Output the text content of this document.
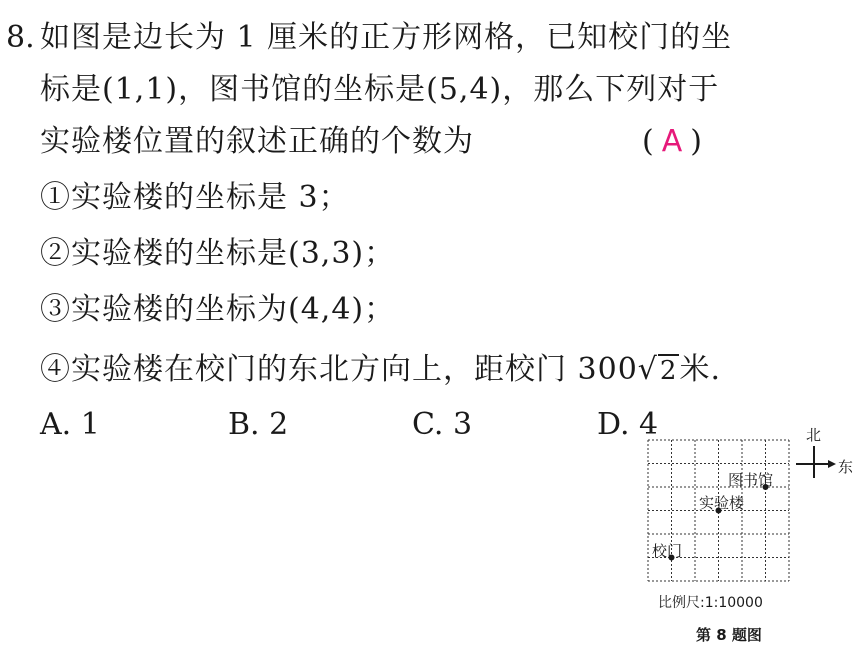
8. 如图是边长为 1 厘米的正方形网格，已知校门的坐
标是(1,1)，图书馆的坐标是(5,4)，那么下列对于
实验楼位置的叙述正确的个数为	( A )
①实验楼的坐标是 3；
②实验楼的坐标是(3,3)；
③实验楼的坐标为(4,4)；
④实验楼在校门的东北方向上，距校门 300√2米.
A. 1	B. 2	C. 3	D. 4	北
东
图书馆
实验楼
校门
比例尺:1:10000
第 8 题图
